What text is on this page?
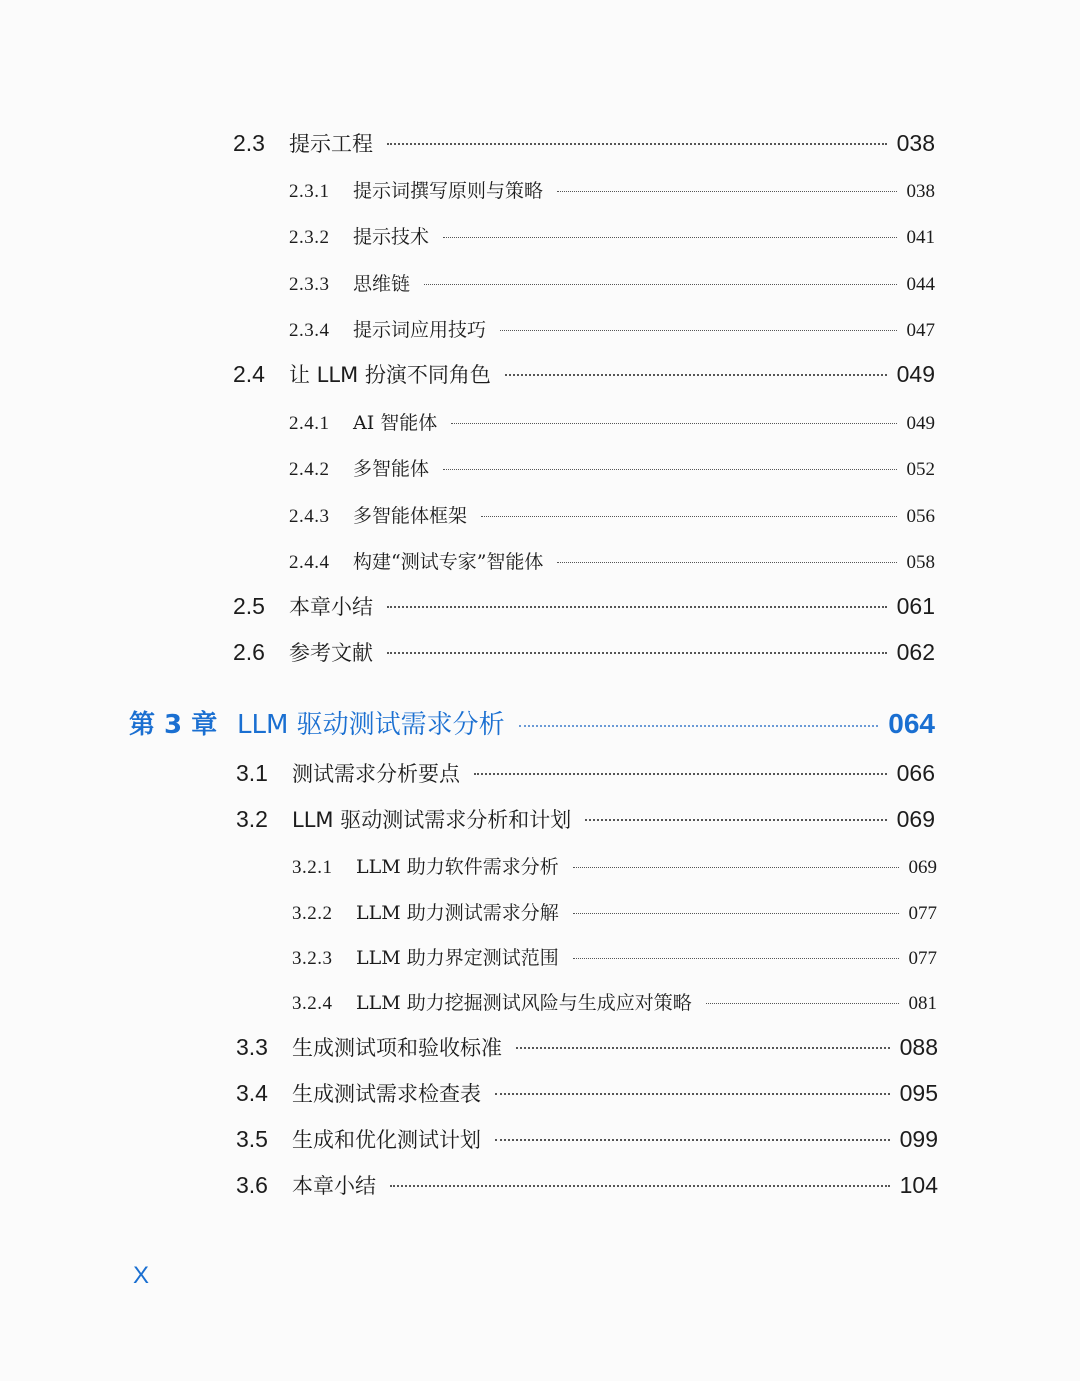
2.3	提示工程	038
2.3.1	提示词撰写原则与策略	038
2.3.2	提示技术	041
2.3.3	思维链	044
2.3.4	提示词应用技巧	047
2.4	让 LLM 扮演不同角色	049
2.4.1	AI 智能体	049
2.4.2	多智能体	052
2.4.3	多智能体框架	056
2.4.4	构建“测试专家”智能体	058
2.5	本章小结	061
2.6	参考文献	062
第 3 章 LLM 驱动测试需求分析	064
3.1	测试需求分析要点	066
3.2	LLM 驱动测试需求分析和计划	069
3.2.1	LLM 助力软件需求分析	069
3.2.2	LLM 助力测试需求分解	077
3.2.3	LLM 助力界定测试范围	077
3.2.4	LLM 助力挖掘测试风险与生成应对策略	081
3.3	生成测试项和验收标准	088
3.4	生成测试需求检查表	095
3.5	生成和优化测试计划	099
3.6	本章小结	104
X
